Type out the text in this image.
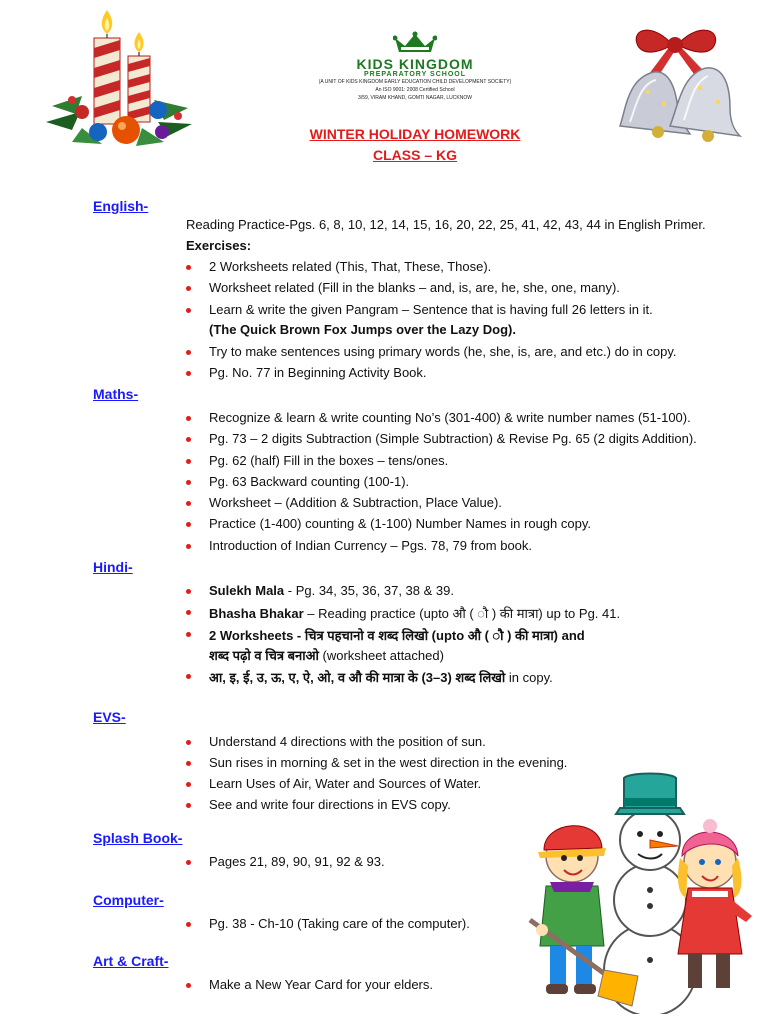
KIDS KINGDOM
PREPARATORY SCHOOL
(A UNIT OF KIDS KINGDOM EARLY EDUCATION CHILD DEVELOPMENT SOCIETY)
An ISO 9001: 2008 Certified School
3/59, VIRAM KHAND, GOMTI NAGAR, LUCKNOW
WINTER HOLIDAY HOMEWORK
CLASS – KG
English-
Reading Practice-Pgs. 6, 8, 10, 12, 14, 15, 16, 20, 22, 25, 41, 42, 43, 44 in English Primer.
Exercises:
2 Worksheets related (This, That, These, Those).
Worksheet related (Fill in the blanks – and, is, are, he, she, one, many).
Learn & write the given Pangram – Sentence that is having full 26 letters in it.
(The Quick Brown Fox Jumps over the Lazy Dog).
Try to make sentences using primary words (he, she, is, are, and etc.) do in copy.
Pg. No. 77 in Beginning Activity Book.
Maths-
Recognize & learn & write counting No’s (301-400) & write number names (51-100).
Pg. 73 – 2 digits Subtraction (Simple Subtraction) & Revise Pg. 65 (2 digits Addition).
Pg. 62 (half) Fill in the boxes – tens/ones.
Pg. 63 Backward counting (100-1).
Worksheet – (Addition & Subtraction, Place Value).
Practice (1-400) counting & (1-100) Number Names in rough copy.
Introduction of Indian Currency – Pgs. 78, 79 from book.
Hindi-
Sulekh Mala - Pg. 34, 35, 36, 37, 38 & 39.
Bhasha Bhakar – Reading practice (upto औ ( ौ ) की मात्रा) up to Pg. 41.
2 Worksheets - चित्र पहचानो व शब्द लिखो (upto औ ( ौ ) की मात्रा) and
शब्द पढ़ो व चित्र बनाओ (worksheet attached)
आ, इ, ई, उ, ऊ, ए, ऐ, ओ, व औ की मात्रा के (3–3) शब्द लिखो in copy.
EVS-
Understand 4 directions with the position of sun.
Sun rises in morning & set in the west direction in the evening.
Learn Uses of Air, Water and Sources of Water.
See and write four directions in EVS copy.
Splash Book-
Pages 21, 89, 90, 91, 92 & 93.
Computer-
Pg. 38 - Ch-10 (Taking care of the computer).
Art & Craft-
Make a New Year Card for your elders.
